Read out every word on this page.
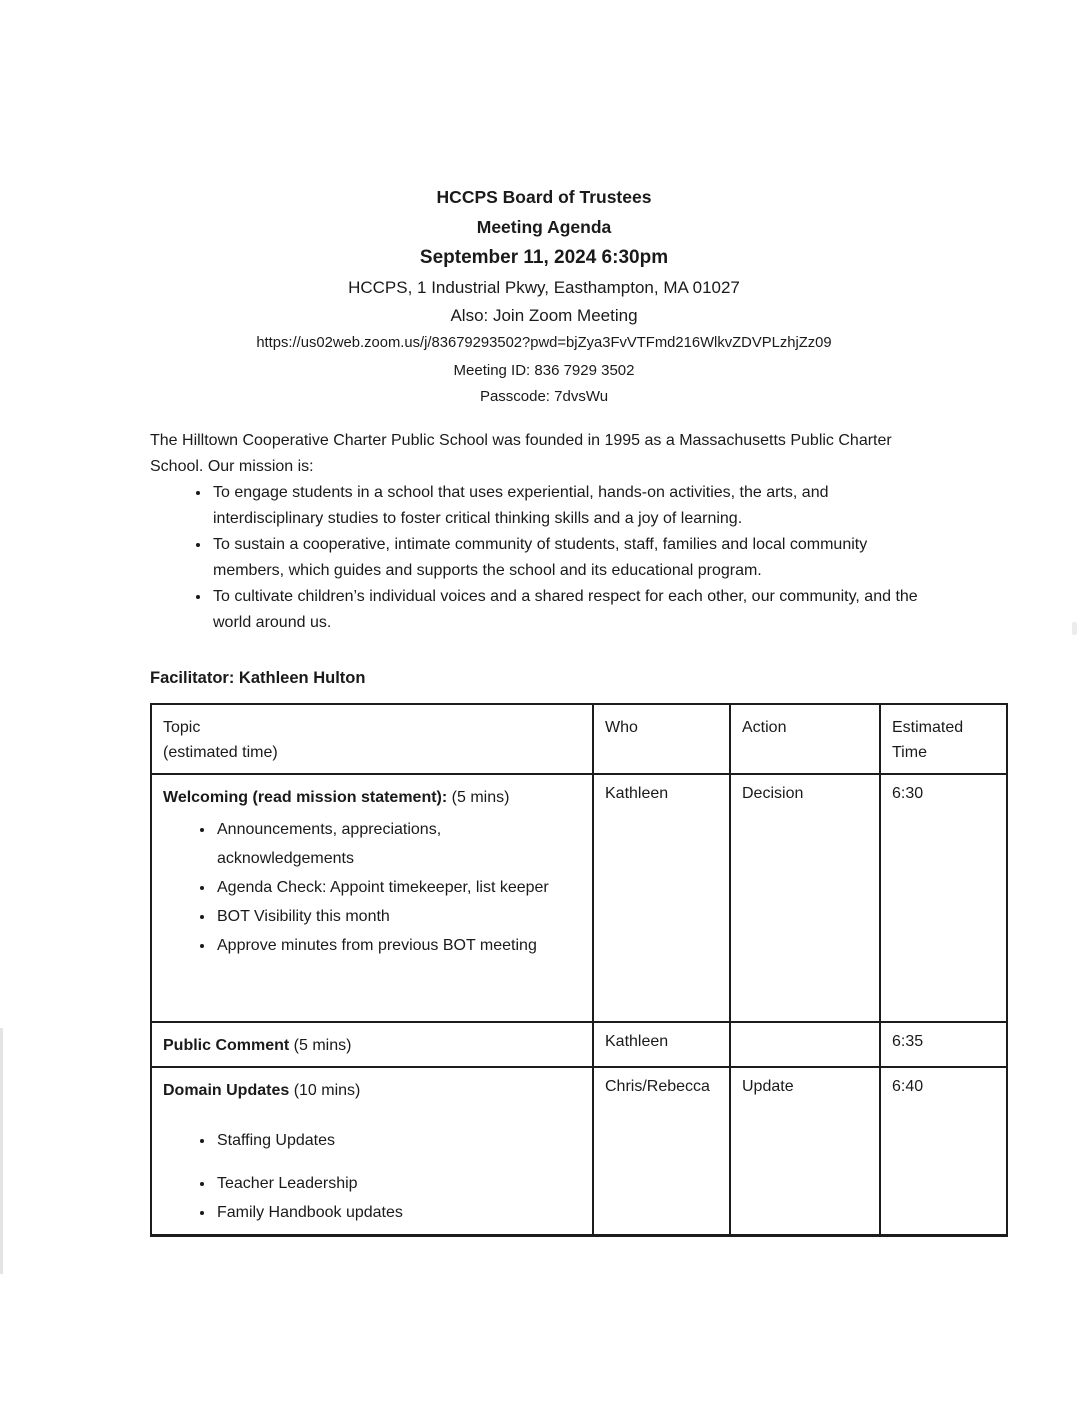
HCCPS Board of Trustees
Meeting Agenda
September 11, 2024 6:30pm
HCCPS, 1 Industrial Pkwy, Easthampton, MA 01027
Also: Join Zoom Meeting
https://us02web.zoom.us/j/83679293502?pwd=bjZya3FvVTFmd216WlkvZDVPLzhjZz09
Meeting ID: 836 7929 3502
Passcode: 7dvsWu
The Hilltown Cooperative Charter Public School was founded in 1995 as a Massachusetts Public Charter School. Our mission is:
• To engage students in a school that uses experiential, hands-on activities, the arts, and interdisciplinary studies to foster critical thinking skills and a joy of learning.
• To sustain a cooperative, intimate community of students, staff, families and local community members, which guides and supports the school and its educational program.
• To cultivate children’s individual voices and a shared respect for each other, our community, and the world around us.
Facilitator: Kathleen Hulton
Topic
(estimated time)	Who	Action	Estimated Time

Welcoming (read mission statement): (5 mins)
• Announcements, appreciations, acknowledgements
• Agenda Check: Appoint timekeeper, list keeper
• BOT Visibility this month
• Approve minutes from previous BOT meeting
	Kathleen	Decision	6:30

Public Comment (5 mins)	Kathleen		6:35

Domain Updates (10 mins)
• Staffing Updates
• Teacher Leadership
• Family Handbook updates
	Chris/Rebecca	Update	6:40
